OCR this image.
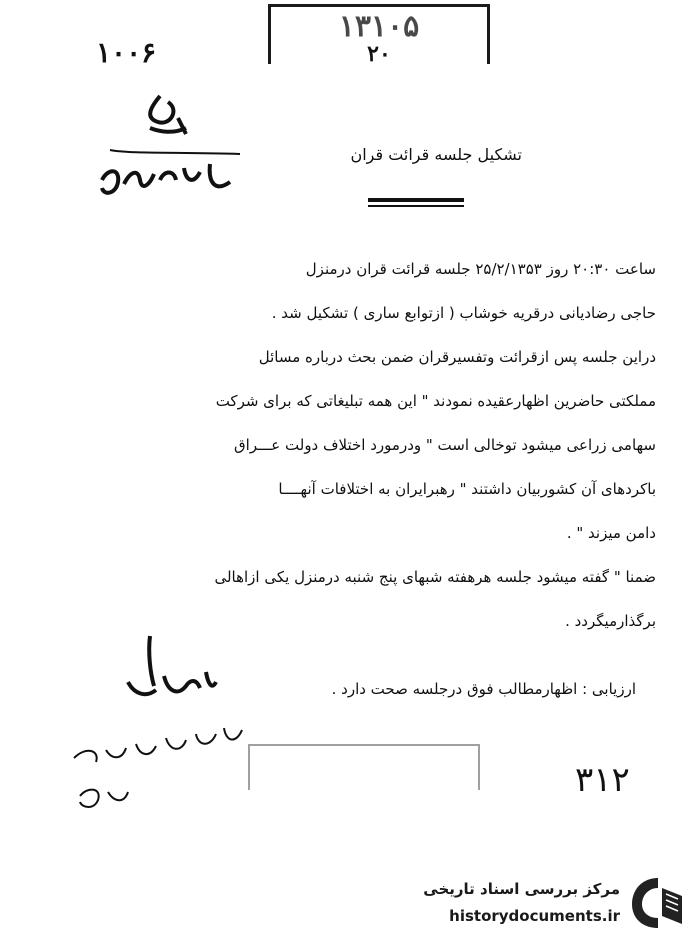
۱۳۱۰۵
۲۰
۱۰۰۶
تشکیل جلسه قرائت قران
ساعت ۲۰:۳۰ روز ۲۵/۲/۱۳۵۳ جلسه قرائت قران درمنزل
حاجی رضادیانی درقریه خوشاب ( ازتوابع ساری ) تشکیل شد .
دراین جلسه پس ازقرائت وتفسیرقران ضمن بحث درباره مسائل
مملکتی حاضرین اظهارعقیده نمودند " این همه تبلیغاتی که برای شرکت
سهامی زراعی میشود توخالی است " ودرمورد اختلاف دولت عـــراق
باکردهای آن کشوربیان داشتند " رهبرایران به اختلافات آنهــــا
دامن میزند " .
ضمنا " گفته میشود جلسه هرهفته شبهای پنج شنبه درمنزل یکی ازاهالی
برگذارمیگردد .
ارزیابی : اظهارمطالب فوق درجلسه صحت دارد .
۳۱۲
مرکز بررسی اسناد تاریخی
historydocuments.ir
